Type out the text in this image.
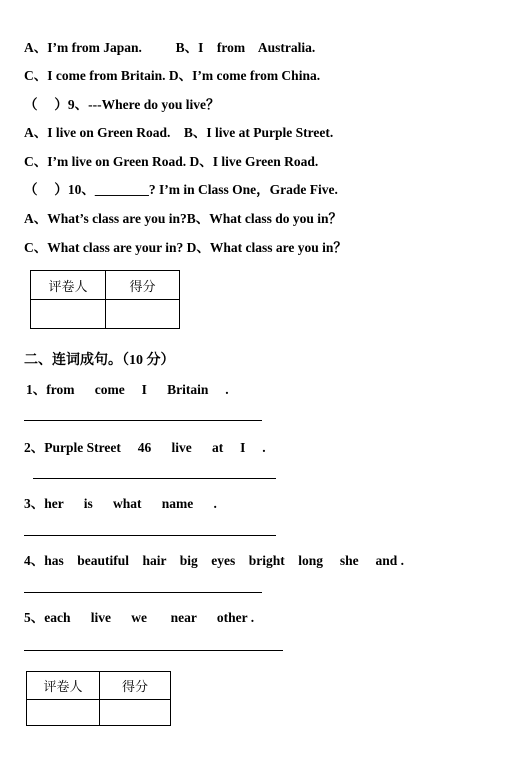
A、I’m from Japan.          B、I    from    Australia.
C、I come from Britain. D、I’m come from China.
（     ）9、---Where do you live？
A、I live on Green Road.    B、I live at Purple Street.
C、I’m live on Green Road. D、I live Green Road.
（     ）10、________? I’m in Class One，Grade Five.
A、What’s class are you in?B、What class do you in？
C、What class are your in? D、What class are you in？
评卷人	得分

二、连词成句。（10 分）
1、from      come     I      Britain     .
2、Purple Street     46      live      at     I     .
3、her      is      what      name      .
4、has    beautiful    hair    big    eyes    bright    long     she     and .
5、each      live      we       near      other .
评卷人	得分
